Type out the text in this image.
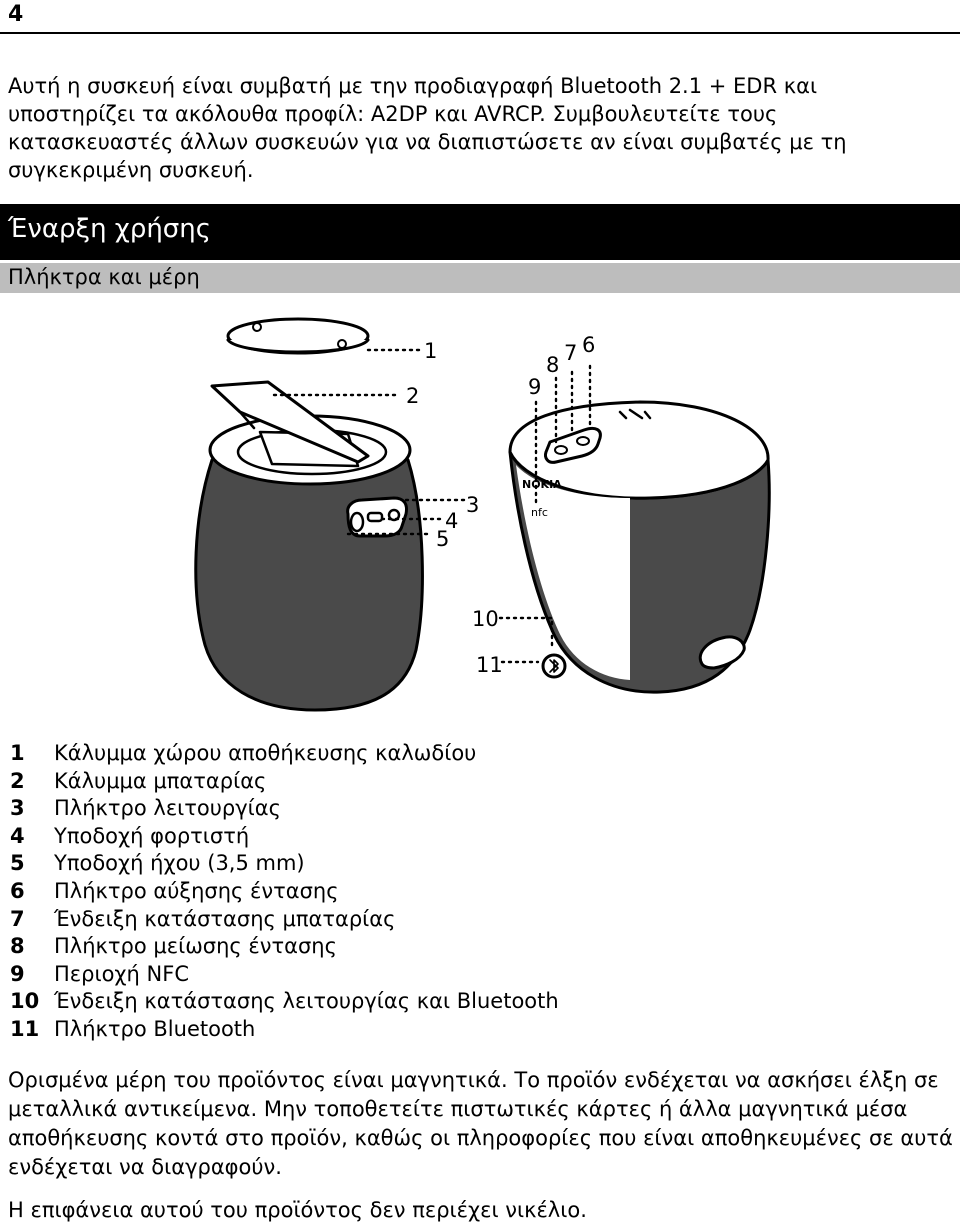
4

Αυτή η συσκευή είναι συμβατή με την προδιαγραφή Bluetooth 2.1 + EDR και υποστηρίζει τα ακόλουθα προφίλ: A2DP και AVRCP. Συμβουλευτείτε τους κατασκευαστές άλλων συσκευών για να διαπιστώσετε αν είναι συμβατές με τη συγκεκριμένη συσκευή.

Έναρξη χρήσης
Πλήκτρα και μέρη
NOKIA
nfc
1
2
3
4
5
6
7
8
9
10
11
1 Κάλυμμα χώρου αποθήκευσης καλωδίου
2 Κάλυμμα μπαταρίας
3 Πλήκτρο λειτουργίας
4 Υποδοχή φορτιστή
5 Υποδοχή ήχου (3,5 mm)
6 Πλήκτρο αύξησης έντασης
7 Ένδειξη κατάστασης μπαταρίας
8 Πλήκτρο μείωσης έντασης
9 Περιοχή NFC
10 Ένδειξη κατάστασης λειτουργίας και Bluetooth
11 Πλήκτρο Bluetooth

Ορισμένα μέρη του προϊόντος είναι μαγνητικά. Το προϊόν ενδέχεται να ασκήσει έλξη σε μεταλλικά αντικείμενα. Μην τοποθετείτε πιστωτικές κάρτες ή άλλα μαγνητικά μέσα αποθήκευσης κοντά στο προϊόν, καθώς οι πληροφορίες που είναι αποθηκευμένες σε αυτά ενδέχεται να διαγραφούν.

Η επιφάνεια αυτού του προϊόντος δεν περιέχει νικέλιο.
